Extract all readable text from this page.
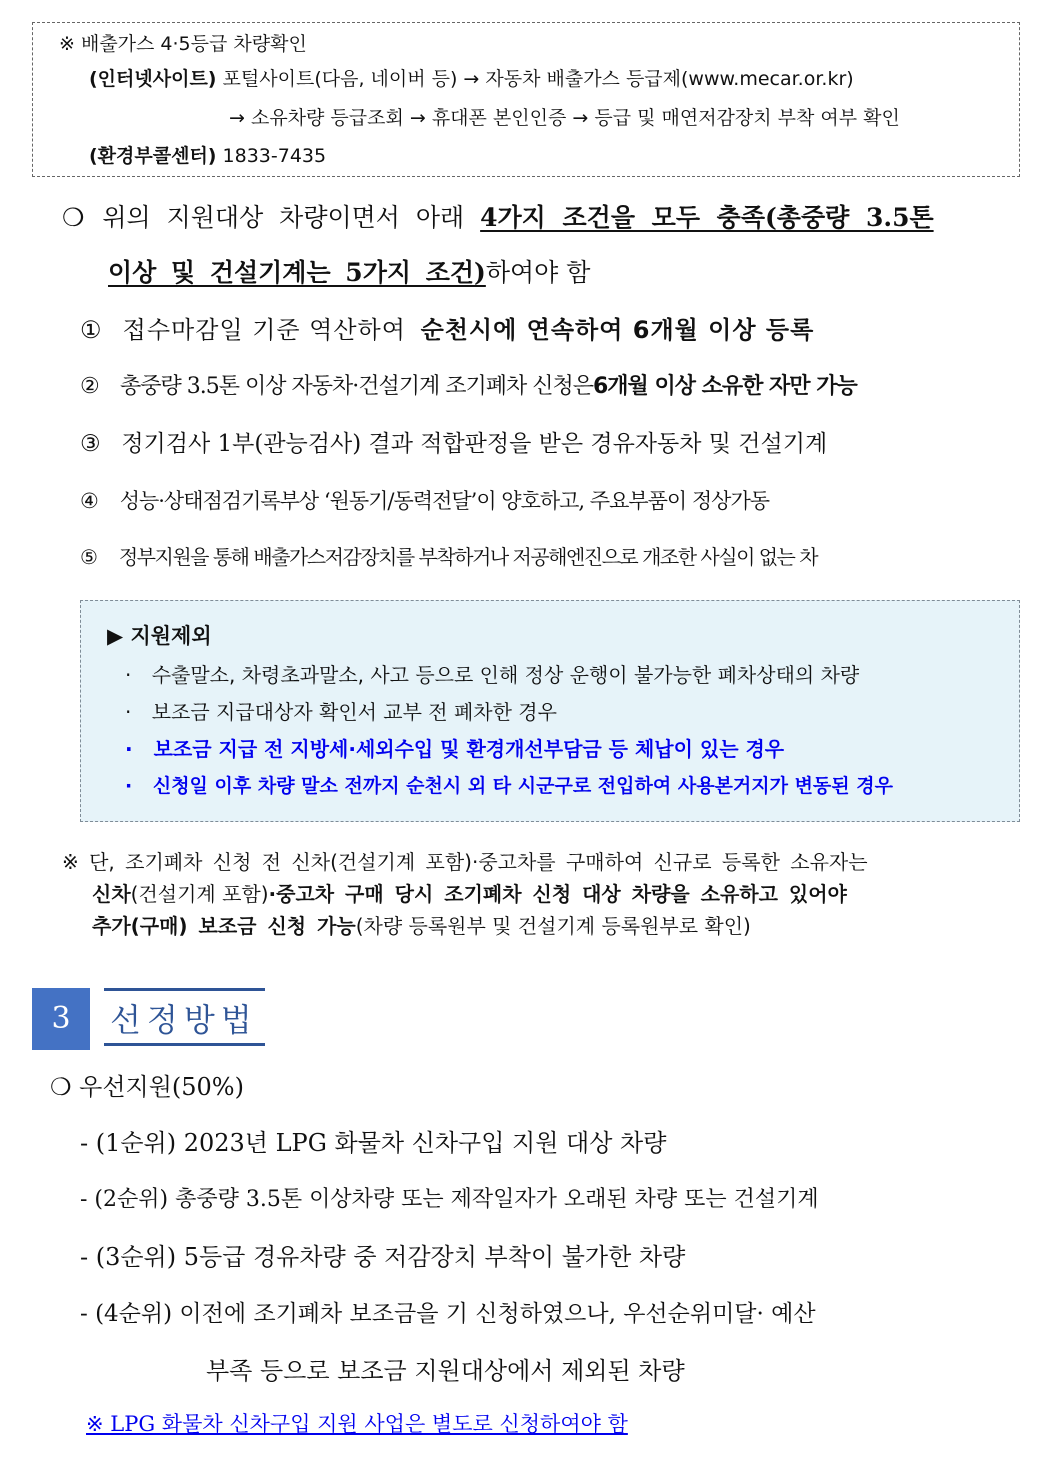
※ 배출가스 4·5등급 차량확인
(인터넷사이트) 포털사이트(다음, 네이버 등) → 자동차 배출가스 등급제(www.mecar.or.kr)
→ 소유차량 등급조회 → 휴대폰 본인인증 → 등급 및 매연저감장치 부착 여부 확인
(환경부콜센터) 1833-7435
❍ 위의 지원대상 차량이면서 아래 4가지 조건을 모두 충족(총중량 3.5톤
이상 및 건설기계는 5가지 조건)하여야 함
① 접수마감일 기준 역산하여 순천시에 연속하여 6개월 이상 등록
② 총중량 3.5톤 이상 자동차·건설기계 조기폐차 신청은6개월 이상 소유한 자만 가능
③ 정기검사 1부(관능검사) 결과 적합판정을 받은 경유자동차 및 건설기계
④ 성능·상태점검기록부상 ‘원동기/동력전달’이 양호하고, 주요부품이 정상가동
⑤ 정부지원을 통해 배출가스저감장치를 부착하거나 저공해엔진으로 개조한 사실이 없는 차
▶ 지원제외
· 수출말소, 차령초과말소, 사고 등으로 인해 정상 운행이 불가능한 폐차상태의 차량
· 보조금 지급대상자 확인서 교부 전 폐차한 경우
· 보조금 지급 전 지방세·세외수입 및 환경개선부담금 등 체납이 있는 경우
· 신청일 이후 차량 말소 전까지 순천시 외 타 시군구로 전입하여 사용본거지가 변동된 경우
※ 단, 조기폐차 신청 전 신차(건설기계 포함)·중고차를 구매하여 신규로 등록한 소유자는
신차(건설기계 포함)·중고차 구매 당시 조기폐차 신청 대상 차량을 소유하고 있어야
추가(구매) 보조금 신청 가능(차량 등록원부 및 건설기계 등록원부로 확인)
3	선정방법
❍ 우선지원(50%)
- (1순위) 2023년 LPG 화물차 신차구입 지원 대상 차량
- (2순위) 총중량 3.5톤 이상차량 또는 제작일자가 오래된 차량 또는 건설기계
- (3순위) 5등급 경유차량 중 저감장치 부착이 불가한 차량
- (4순위) 이전에 조기폐차 보조금을 기 신청하였으나, 우선순위미달· 예산
부족 등으로 보조금 지원대상에서 제외된 차량
※ LPG 화물차 신차구입 지원 사업은 별도로 신청하여야 함
